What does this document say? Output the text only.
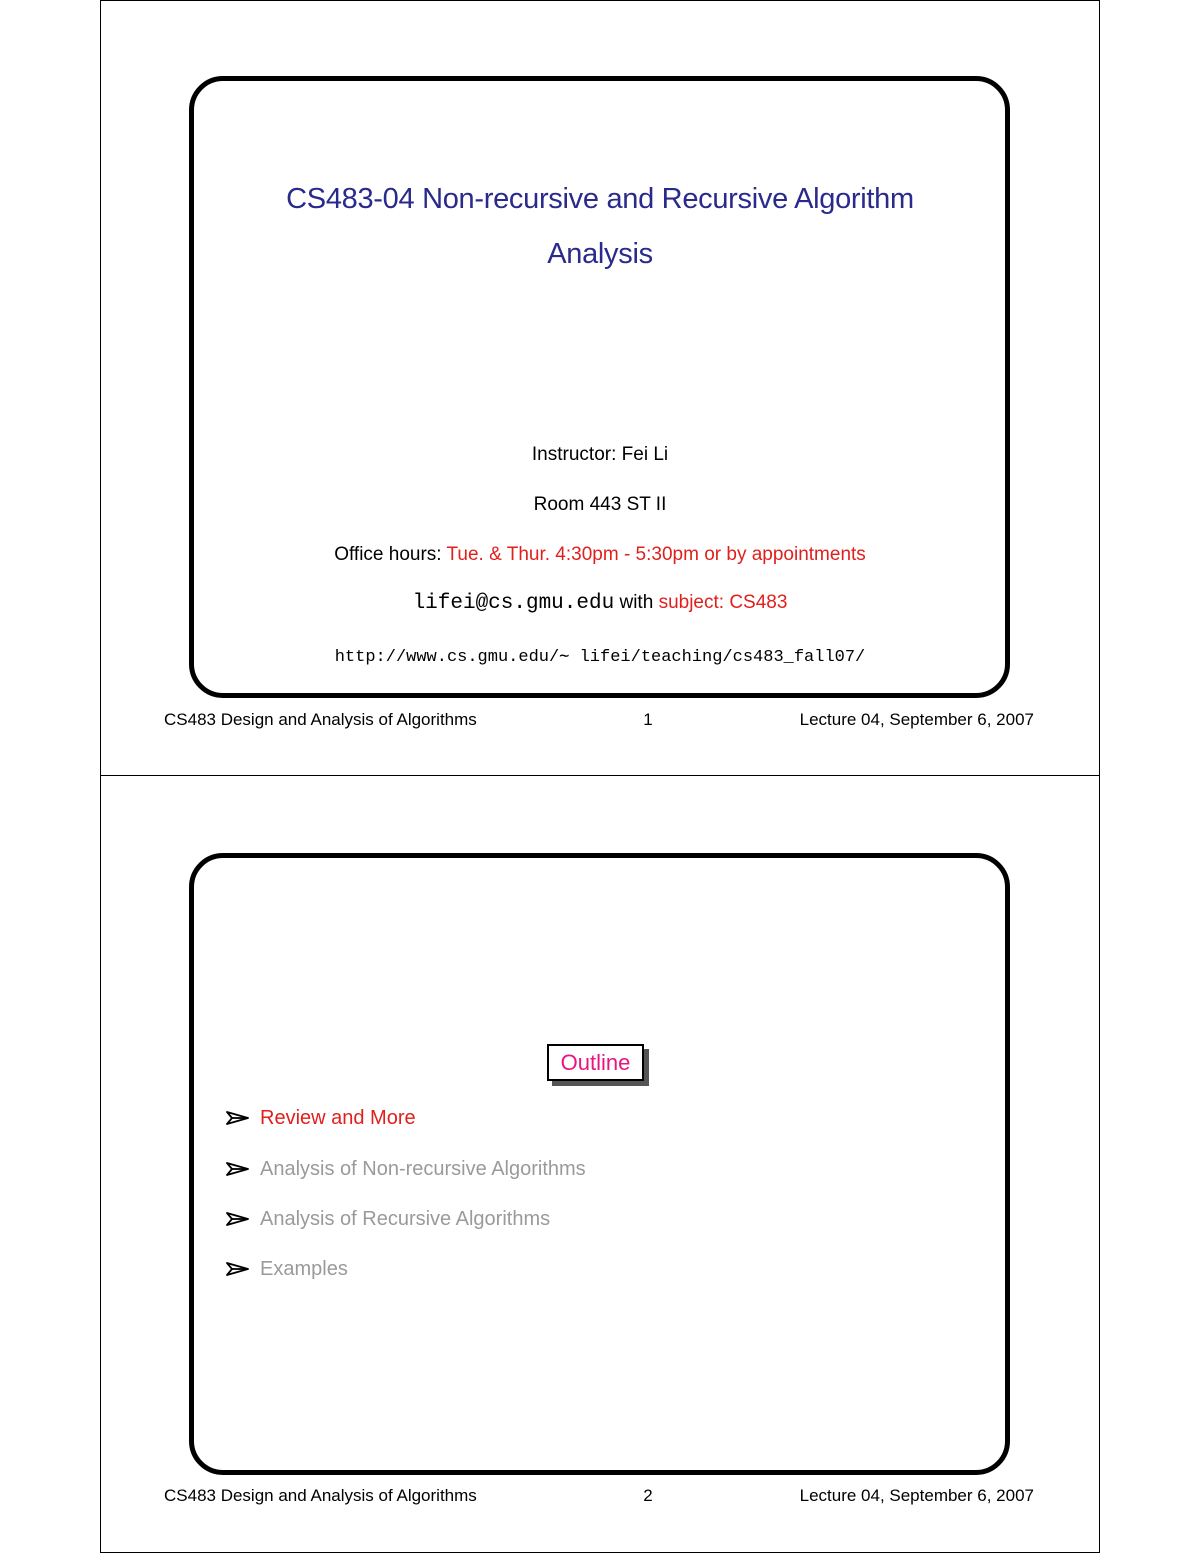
CS483-04 Non-recursive and Recursive Algorithm
Analysis
Instructor: Fei Li
Room 443 ST II
Office hours: Tue. & Thur. 4:30pm - 5:30pm or by appointments
lifei@cs.gmu.edu with subject: CS483
http://www.cs.gmu.edu/∼ lifei/teaching/cs483_fall07/
CS483 Design and Analysis of Algorithms	1	Lecture 04, September 6, 2007
Outline
Review and More
Analysis of Non-recursive Algorithms
Analysis of Recursive Algorithms
Examples
CS483 Design and Analysis of Algorithms	2	Lecture 04, September 6, 2007
